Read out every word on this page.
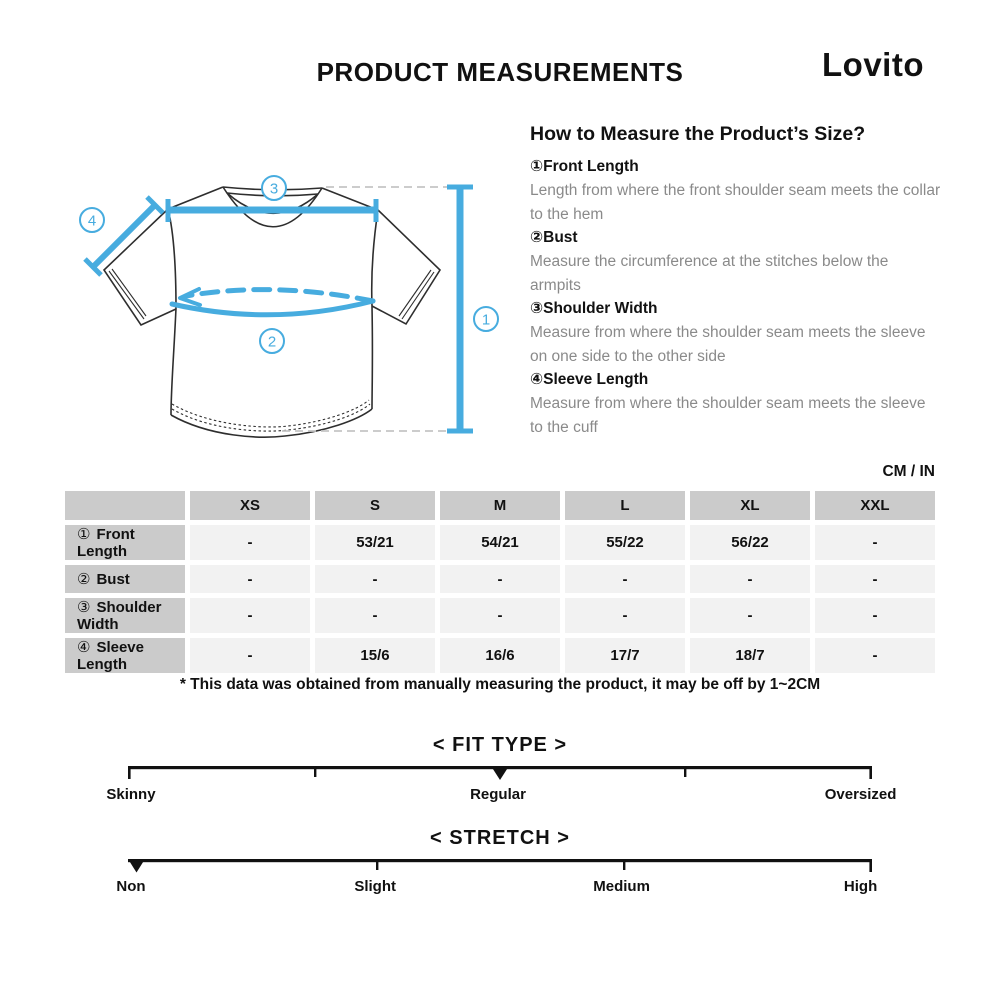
PRODUCT MEASUREMENTS	Lovito
1
2
3
4
How to Measure the Product’s Size?
①Front Length

Length from where the front shoulder seam meets the collar to the hem

②Bust

Measure the circumference at the stitches below the armpits

③Shoulder Width

Measure from where the shoulder seam meets the sleeve on one side to the other side

④Sleeve Length

Measure from where the shoulder seam meets the sleeve to the cuff

CM / IN
	XS	S	M	L	XL	XXL
① Front Length	-	53/21	54/21	55/22	56/22	-
② Bust	-	-	-	-	-	-
③ Shoulder Width	-	-	-	-	-	-
④ Sleeve Length	-	15/6	16/6	17/7	18/7	-
* This data was obtained from manually measuring the product, it may be off by 1~2CM
< FIT TYPE >
Skinny	Regular	Oversized
< STRETCH >
Non	Slight	Medium	High
